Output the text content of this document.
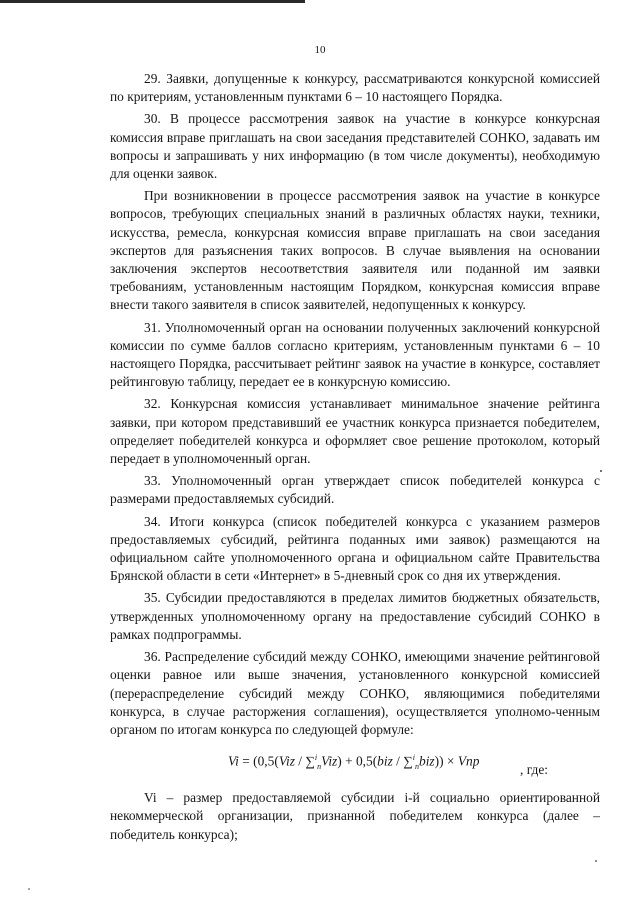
10

29. Заявки, допущенные к конкурсу, рассматриваются конкурсной комиссией по критериям, установленным пунктами 6 – 10 настоящего Порядка.

30. В процессе рассмотрения заявок на участие в конкурсе конкурсная комиссия вправе приглашать на свои заседания представителей СОНКО, задавать им вопросы и запрашивать у них информацию (в том числе документы), необходимую для оценки заявок.

При возникновении в процессе рассмотрения заявок на участие в конкурсе вопросов, требующих специальных знаний в различных областях науки, техники, искусства, ремесла, конкурсная комиссия вправе приглашать на свои заседания экспертов для разъяснения таких вопросов. В случае выявления на основании заключения экспертов несоответствия заявителя или поданной им заявки требованиям, установленным настоящим Порядком, конкурсная комиссия вправе внести такого заявителя в список заявителей, недопущенных к конкурсу.

31. Уполномоченный орган на основании полученных заключений конкурсной комиссии по сумме баллов согласно критериям, установленным пунктами 6 – 10 настоящего Порядка, рассчитывает рейтинг заявок на участие в конкурсе, составляет рейтинговую таблицу, передает ее в конкурсную комиссию.

32. Конкурсная комиссия устанавливает минимальное значение рейтинга заявки, при котором представивший ее участник конкурса признается победителем, определяет победителей конкурса и оформляет свое решение протоколом, который передает в уполномоченный орган.

33. Уполномоченный орган утверждает список победителей конкурса с размерами предоставляемых субсидий.

34. Итоги конкурса (список победителей конкурса с указанием размеров предоставляемых субсидий, рейтинга поданных ими заявок) размещаются на официальном сайте уполномоченного органа и официальном сайте Правительства Брянской области в сети «Интернет» в 5-дневный срок со дня их утверждения.

35. Субсидии предоставляются в пределах лимитов бюджетных обязательств, утвержденных уполномоченному органу на предоставление субсидий СОНКО в рамках подпрограммы.

36. Распределение субсидий между СОНКО, имеющими значение рейтинговой оценки равное или выше значения, установленного конкурсной комиссией (перераспределение субсидий между СОНКО, являющимися победителями конкурса, в случае расторжения соглашения), осуществляется уполномо-ченным органом по итогам конкурса по следующей формуле:

Vi = (0,5(Viz / ∑$^i_n$Viz) + 0,5(biz / ∑$^i_n$biz)) × Vnp
, где:

Vi – размер предоставляемой субсидии i-й социально ориентированной некоммерческой организации, признанной победителем конкурса (далее – победитель конкурса);
